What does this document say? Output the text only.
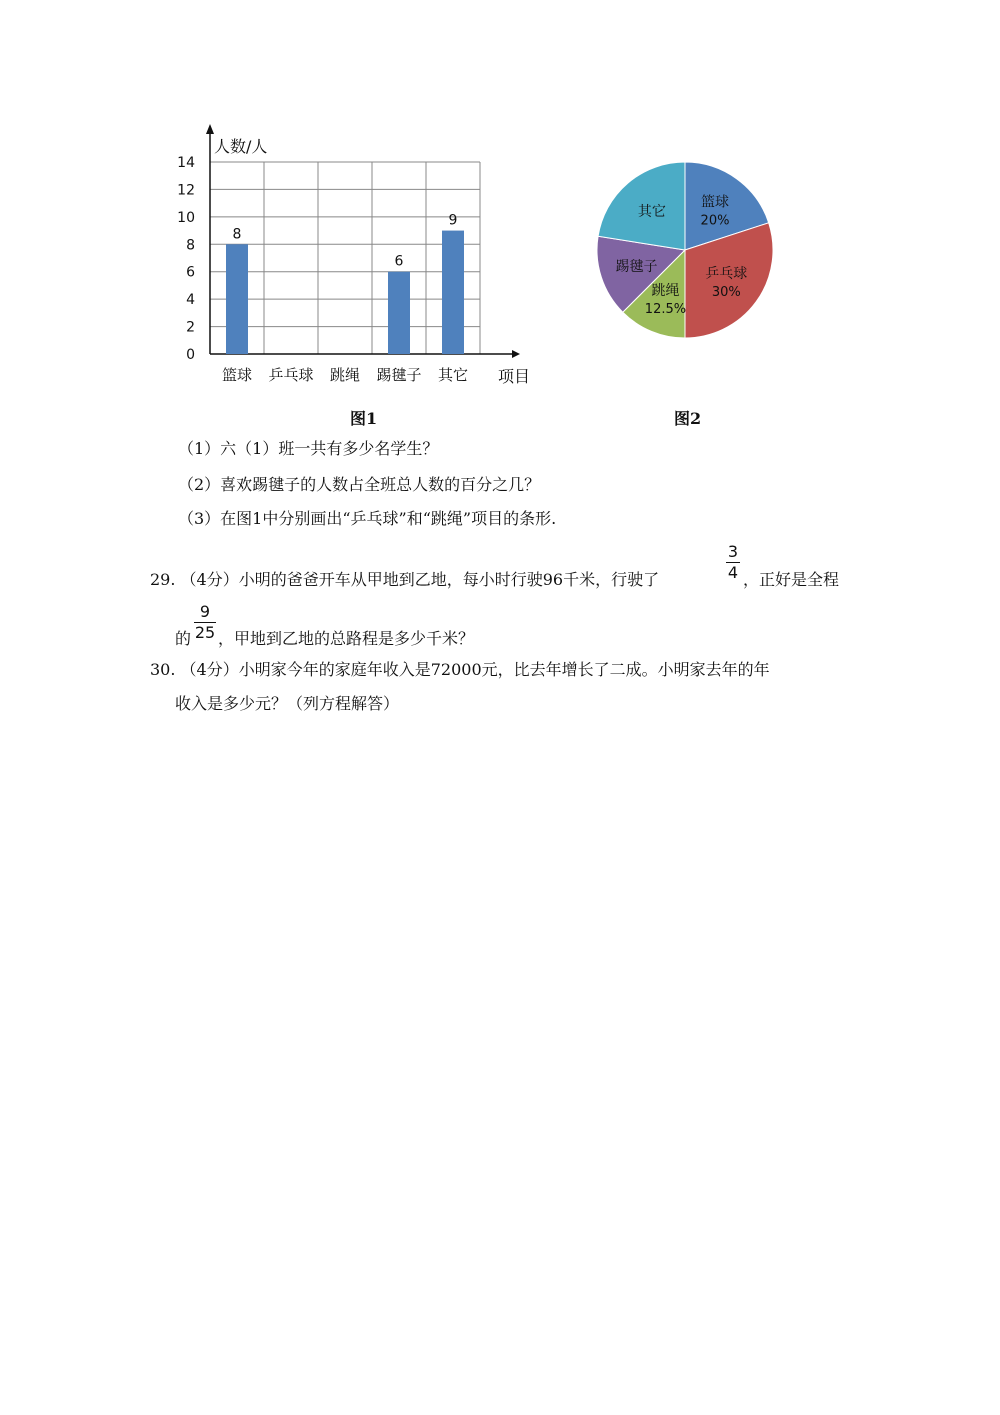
0
2
4
6
8
10
12
14
8
6
9
篮球 乒乓球 跳绳 踢毽子 其它
人数/人
项目
篮球
20%
乒乓球
30%
跳绳
12.5%
踢毽子
其它
图1	图2
（1）六（1）班一共有多少名学生？
（2）喜欢踢毽子的人数占全班总人数的百分之几？
（3）在图1中分别画出“乒乓球”和“跳绳”项目的条形.
29. （4分）小明的爸爸开车从甲地到乙地，每小时行驶96千米，行驶了
3
4 ，正好是全程
的
9
25 ，甲地到乙地的总路程是多少千米？
30. （4分）小明家今年的家庭年收入是72000元，比去年增长了二成。小明家去年的年
收入是多少元？（列方程解答）
